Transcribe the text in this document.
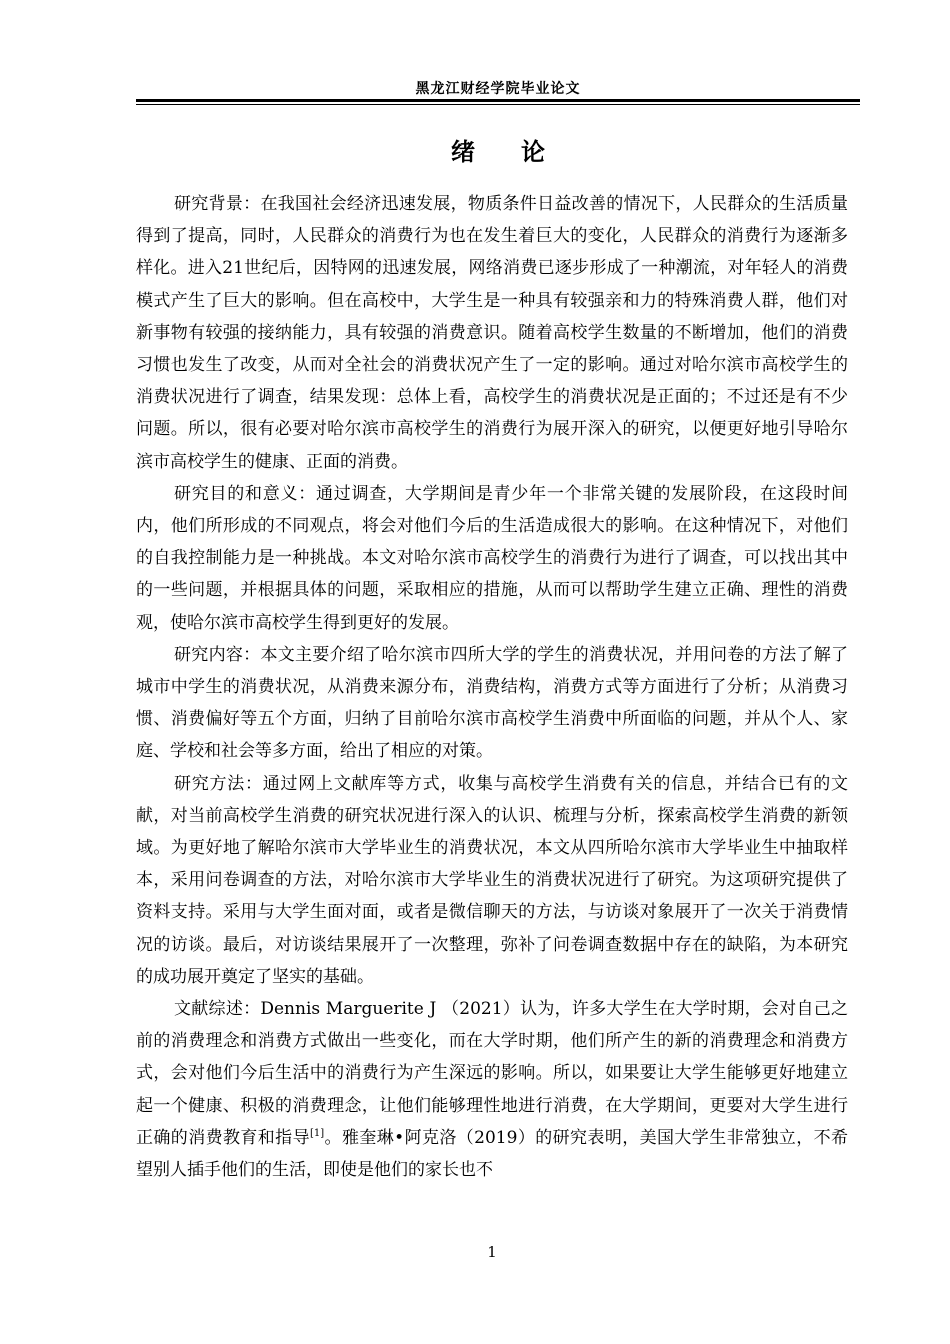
黑龙江财经学院毕业论文
绪论

研究背景：在我国社会经济迅速发展，物质条件日益改善的情况下，人民群众的生活质量得到了提高，同时，人民群众的消费行为也在发生着巨大的变化，人民群众的消费行为逐渐多样化。进入21世纪后，因特网的迅速发展，网络消费已逐步形成了一种潮流，对年轻人的消费模式产生了巨大的影响。但在高校中，大学生是一种具有较强亲和力的特殊消费人群，他们对新事物有较强的接纳能力，具有较强的消费意识。随着高校学生数量的不断增加，他们的消费习惯也发生了改变，从而对全社会的消费状况产生了一定的影响。通过对哈尔滨市高校学生的消费状况进行了调查，结果发现：总体上看，高校学生的消费状况是正面的；不过还是有不少问题。所以，很有必要对哈尔滨市高校学生的消费行为展开深入的研究，以便更好地引导哈尔滨市高校学生的健康、正面的消费。

研究目的和意义：通过调查，大学期间是青少年一个非常关键的发展阶段，在这段时间内，他们所形成的不同观点，将会对他们今后的生活造成很大的影响。在这种情况下，对他们的自我控制能力是一种挑战。本文对哈尔滨市高校学生的消费行为进行了调查，可以找出其中的一些问题，并根据具体的问题，采取相应的措施，从而可以帮助学生建立正确、理性的消费观，使哈尔滨市高校学生得到更好的发展。

研究内容：本文主要介绍了哈尔滨市四所大学的学生的消费状况，并用问卷的方法了解了城市中学生的消费状况，从消费来源分布，消费结构，消费方式等方面进行了分析；从消费习惯、消费偏好等五个方面，归纳了目前哈尔滨市高校学生消费中所面临的问题，并从个人、家庭、学校和社会等多方面，给出了相应的对策。

研究方法：通过网上文献库等方式，收集与高校学生消费有关的信息，并结合已有的文献，对当前高校学生消费的研究状况进行深入的认识、梳理与分析，探索高校学生消费的新领域。为更好地了解哈尔滨市大学毕业生的消费状况，本文从四所哈尔滨市大学毕业生中抽取样本，采用问卷调查的方法，对哈尔滨市大学毕业生的消费状况进行了研究。为这项研究提供了资料支持。采用与大学生面对面，或者是微信聊天的方法，与访谈对象展开了一次关于消费情况的访谈。最后，对访谈结果展开了一次整理，弥补了问卷调查数据中存在的缺陷，为本研究的成功展开奠定了坚实的基础。

文献综述：Dennis Marguerite J （2021）认为，许多大学生在大学时期，会对自己之前的消费理念和消费方式做出一些变化，而在大学时期，他们所产生的新的消费理念和消费方式，会对他们今后生活中的消费行为产生深远的影响。所以，如果要让大学生能够更好地建立起一个健康、积极的消费理念，让他们能够理性地进行消费，在大学期间，更要对大学生进行正确的消费教育和指导[1]。雅奎琳•阿克洛（2019）的研究表明，美国大学生非常独立，不希望别人插手他们的生活，即使是他们的家长也不

1
